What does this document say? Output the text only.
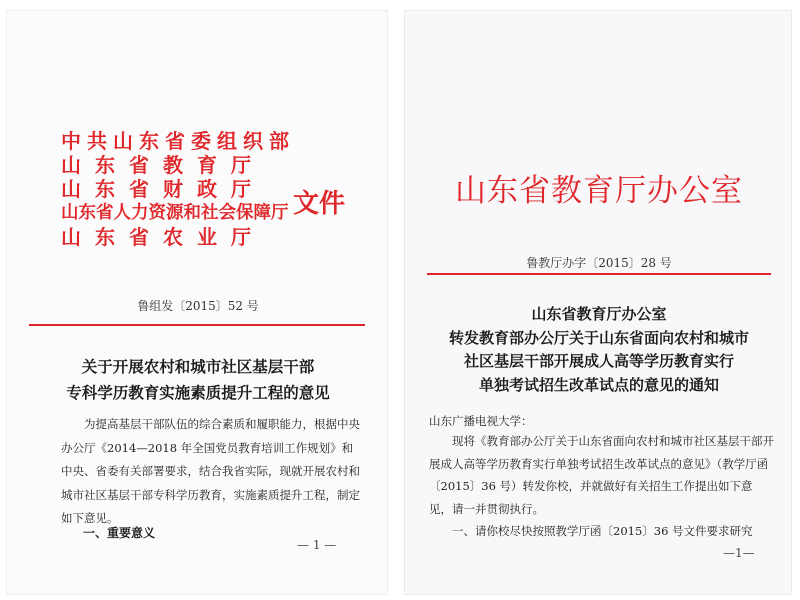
中共山东省委组织部
山东省教育厅
山东省财政厅
山东省人力资源和社会保障厅
山东省农业厅
文件
鲁组发〔2015〕52 号
关于开展农村和城市社区基层干部
专科学历教育实施素质提升工程的意见

为提高基层干部队伍的综合素质和履职能力，根据中央办公厅《2014—2018 年全国党员教育培训工作规划》和中央、省委有关部署要求，结合我省实际，现就开展农村和城市社区基层干部专科学历教育，实施素质提升工程，制定如下意见。

一、重要意义
— 1 —
山东省教育厅办公室
鲁教厅办字〔2015〕28 号
山东省教育厅办公室
转发教育部办公厅关于山东省面向农村和城市
社区基层干部开展成人高等学历教育实行
单独考试招生改革试点的意见的通知
山东广播电视大学：

现将《教育部办公厅关于山东省面向农村和城市社区基层干部开展成人高等学历教育实行单独考试招生改革试点的意见》（教学厅函〔2015〕36 号）转发你校，并就做好有关招生工作提出如下意见，请一并贯彻执行。

一、请你校尽快按照教学厅函〔2015〕36 号文件要求研究

—1—
